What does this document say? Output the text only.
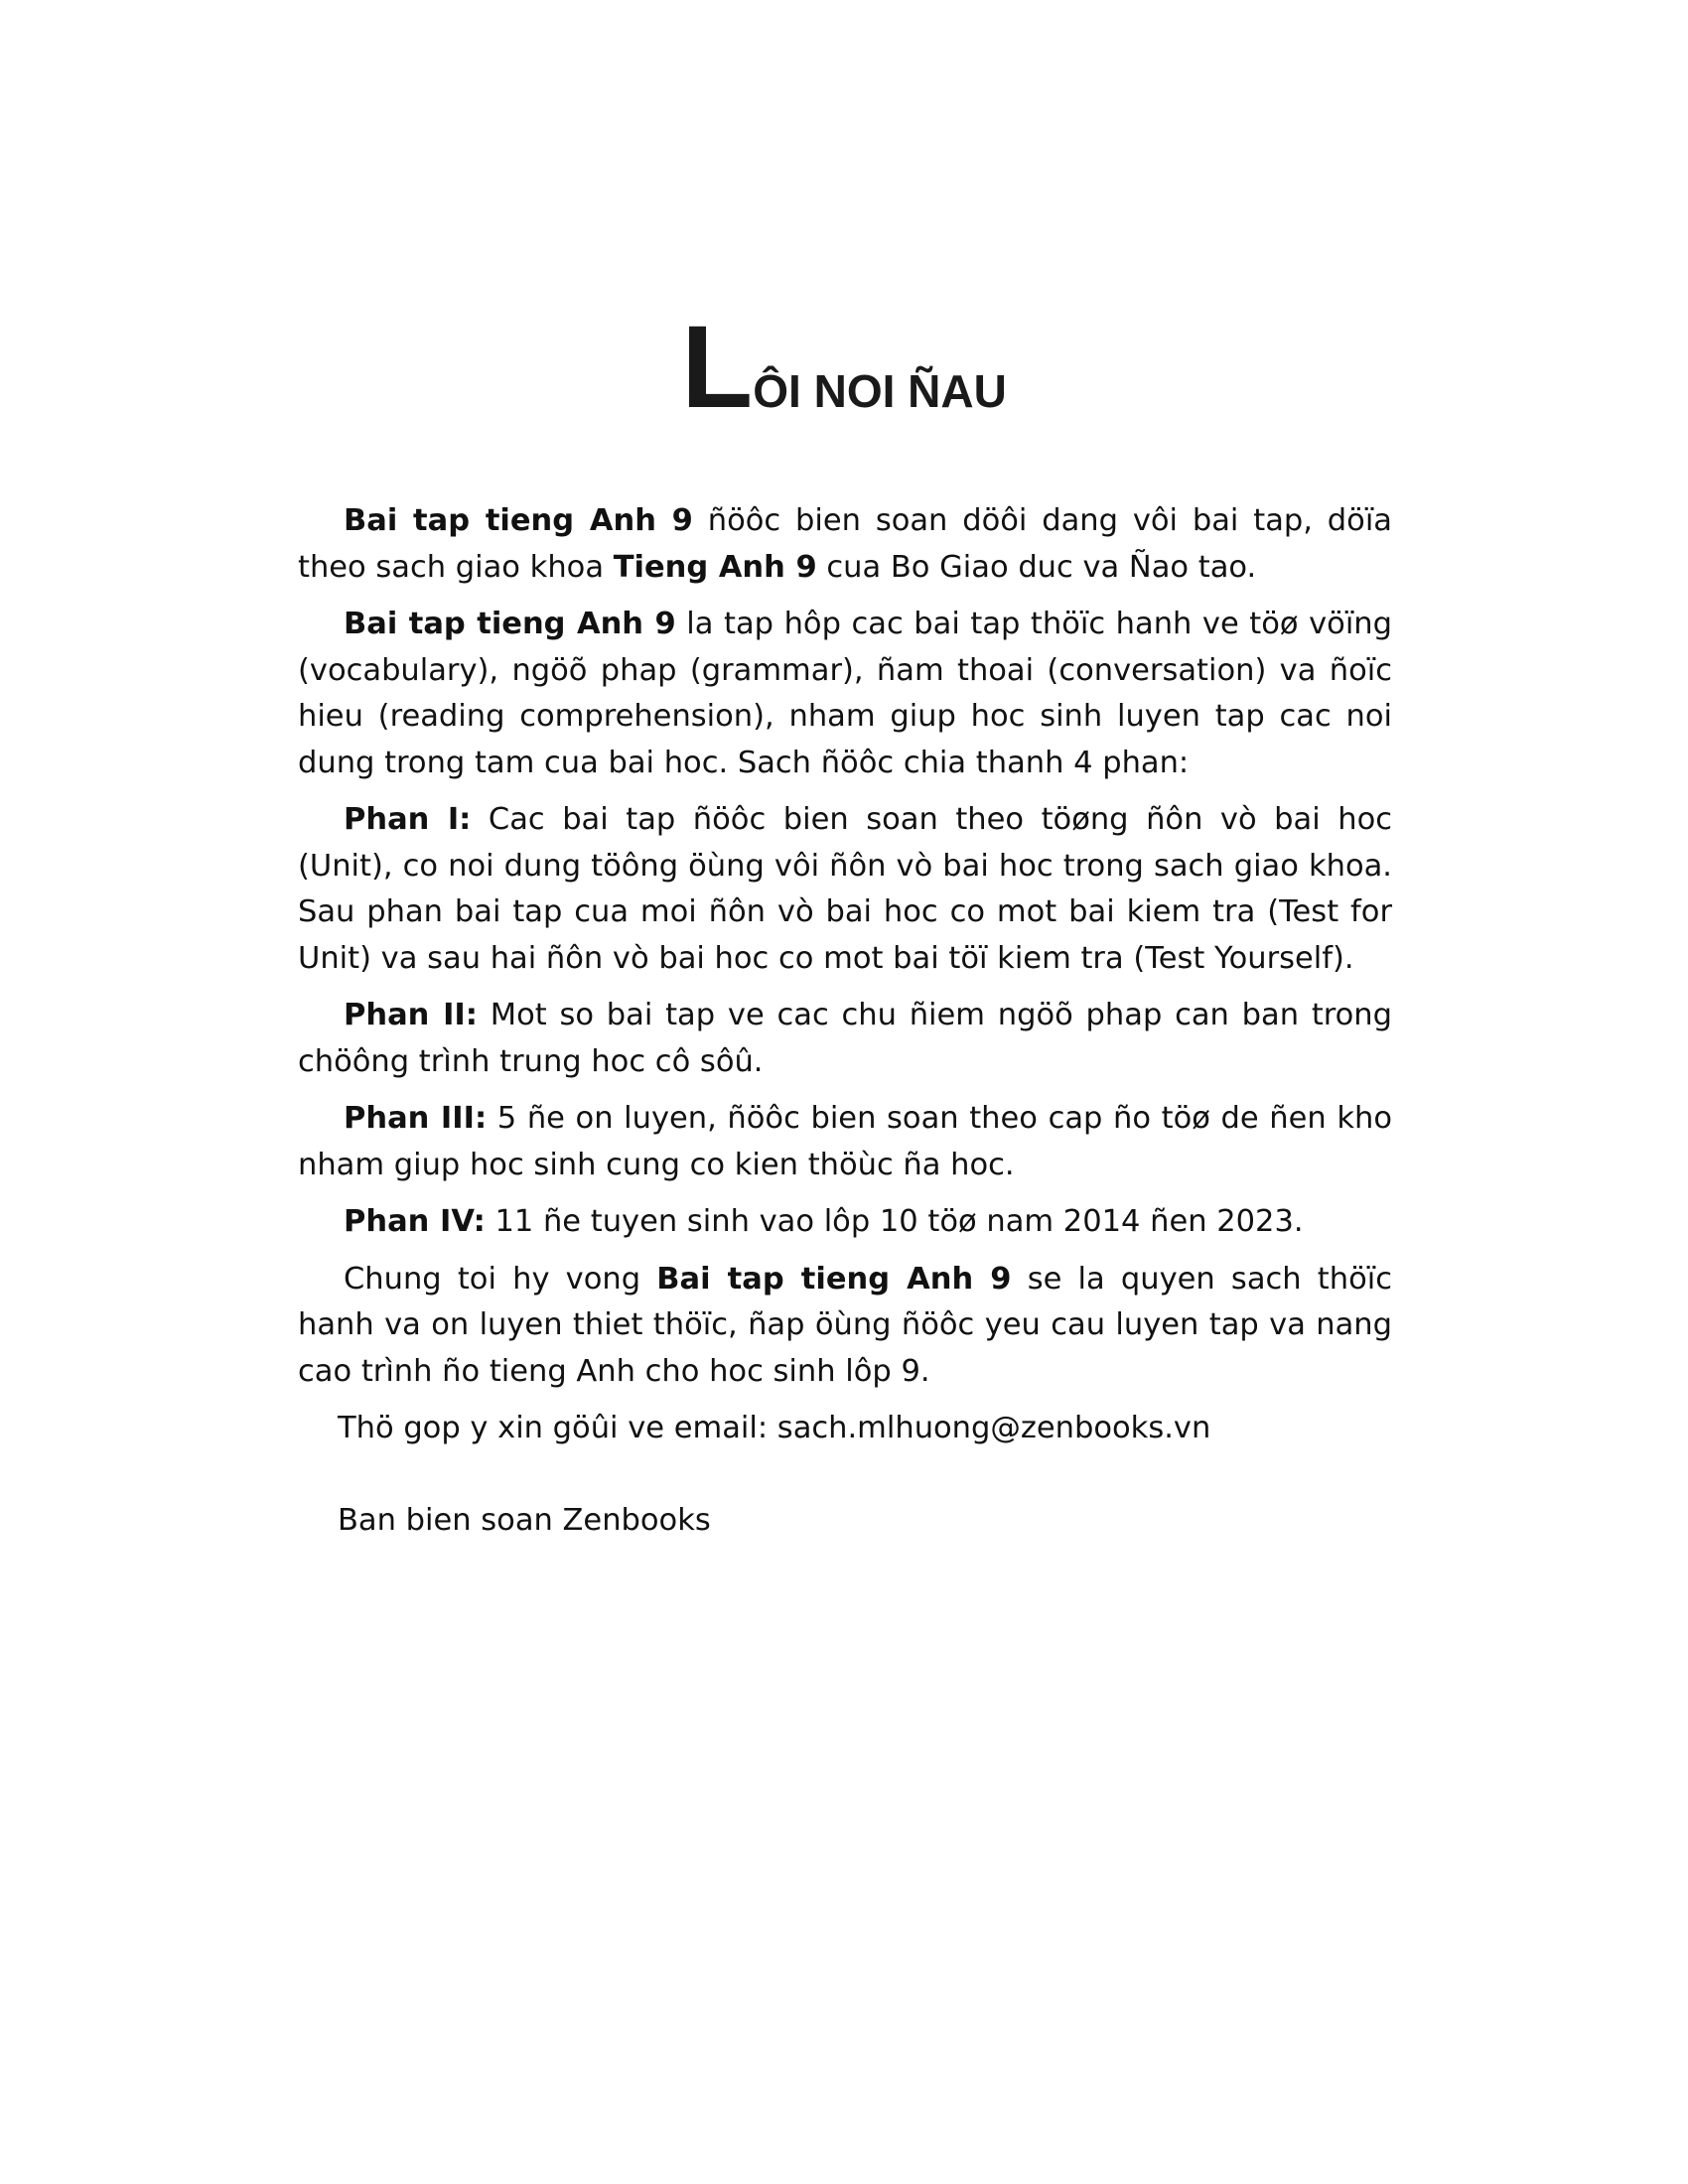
LÔI NOI ÑAU

Bai tap tieng Anh 9 ñöôc bien soan döôi dang vôi bai tap, döïa theo sach giao khoa Tieng Anh 9 cua Bo Giao duc va Ñao tao.

Bai tap tieng Anh 9 la tap hôp cac bai tap thöïc hanh ve töø vöïng (vocabulary), ngöõ phap (grammar), ñam thoai (conversation) va ñoïc hieu (reading comprehension), nham giup hoc sinh luyen tap cac noi dung trong tam cua bai hoc. Sach ñöôc chia thanh 4 phan:

Phan I: Cac bai tap ñöôc bien soan theo töøng ñôn vò bai hoc (Unit), co noi dung töông öùng vôi ñôn vò bai hoc trong sach giao khoa. Sau phan bai tap cua moi ñôn vò bai hoc co mot bai kiem tra (Test for Unit) va sau hai ñôn vò bai hoc co mot bai töï kiem tra (Test Yourself).

Phan II: Mot so bai tap ve cac chu ñiem ngöõ phap can ban trong chöông trình trung hoc cô sôû.

Phan III: 5 ñe on luyen, ñöôc bien soan theo cap ño töø de ñen kho nham giup hoc sinh cung co kien thöùc ña hoc.

Phan IV: 11 ñe tuyen sinh vao lôp 10 töø nam 2014 ñen 2023.

Chung toi hy vong Bai tap tieng Anh 9 se la quyen sach thöïc hanh va on luyen thiet thöïc, ñap öùng ñöôc yeu cau luyen tap va nang cao trình ño tieng Anh cho hoc sinh lôp 9.

Thö gop y xin göûi ve email: sach.mlhuong@zenbooks.vn

Ban bien soan Zenbooks
